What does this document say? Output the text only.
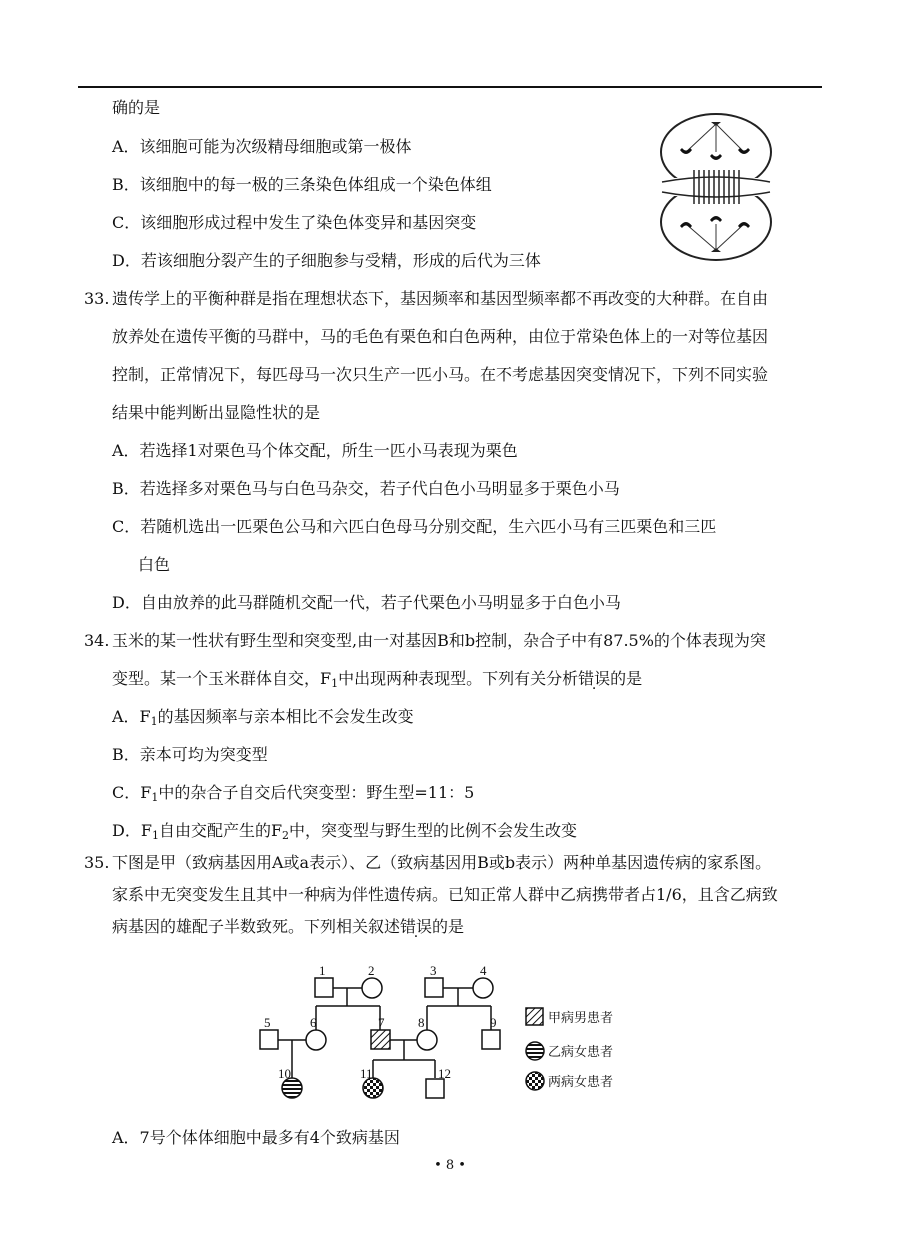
确的是
A．该细胞可能为次级精母细胞或第一极体
B．该细胞中的每一极的三条染色体组成一个染色体组
C．该细胞形成过程中发生了染色体变异和基因突变
D．若该细胞分裂产生的子细胞参与受精，形成的后代为三体
33. 遗传学上的平衡种群是指在理想状态下，基因频率和基因型频率都不再改变的大种群。在自由
放养处在遗传平衡的马群中，马的毛色有栗色和白色两种，由位于常染色体上的一对等位基因
控制，正常情况下，每匹母马一次只生产一匹小马。在不考虑基因突变情况下，下列不同实验
结果中能判断出显隐性状的是
A．若选择1对栗色马个体交配，所生一匹小马表现为栗色
B．若选择多对栗色马与白色马杂交，若子代白色小马明显多于栗色小马
C．若随机选出一匹栗色公马和六匹白色母马分别交配，生六匹小马有三匹栗色和三匹
白色
D．自由放养的此马群随机交配一代，若子代栗色小马明显多于白色小马
34. 玉米的某一性状有野生型和突变型,由一对基因B和b控制，杂合子中有87.5%的个体表现为突
变型。某一个玉米群体自交，$F_1$中出现两种表现型。下列有关分析错误的是
A．$F_1$的基因频率与亲本相比不会发生改变
B．亲本可均为突变型
C．$F_1$中的杂合子自交后代突变型：野生型=11：5
D．$F_1$自由交配产生的$F_2$中，突变型与野生型的比例不会发生改变
35. 下图是甲（致病基因用A或a表示）、乙（致病基因用B或b表示）两种单基因遗传病的家系图。
家系中无突变发生且其中一种病为伴性遗传病。已知正常人群中乙病携带者占1/6，且含乙病致
病基因的雄配子半数致死。下列相关叙述错误的是
1	2	3	4
5	6	7	8	9
10	11	12
甲病男患者
乙病女患者
两病女患者
A．7号个体体细胞中最多有4个致病基因
• 8 •
